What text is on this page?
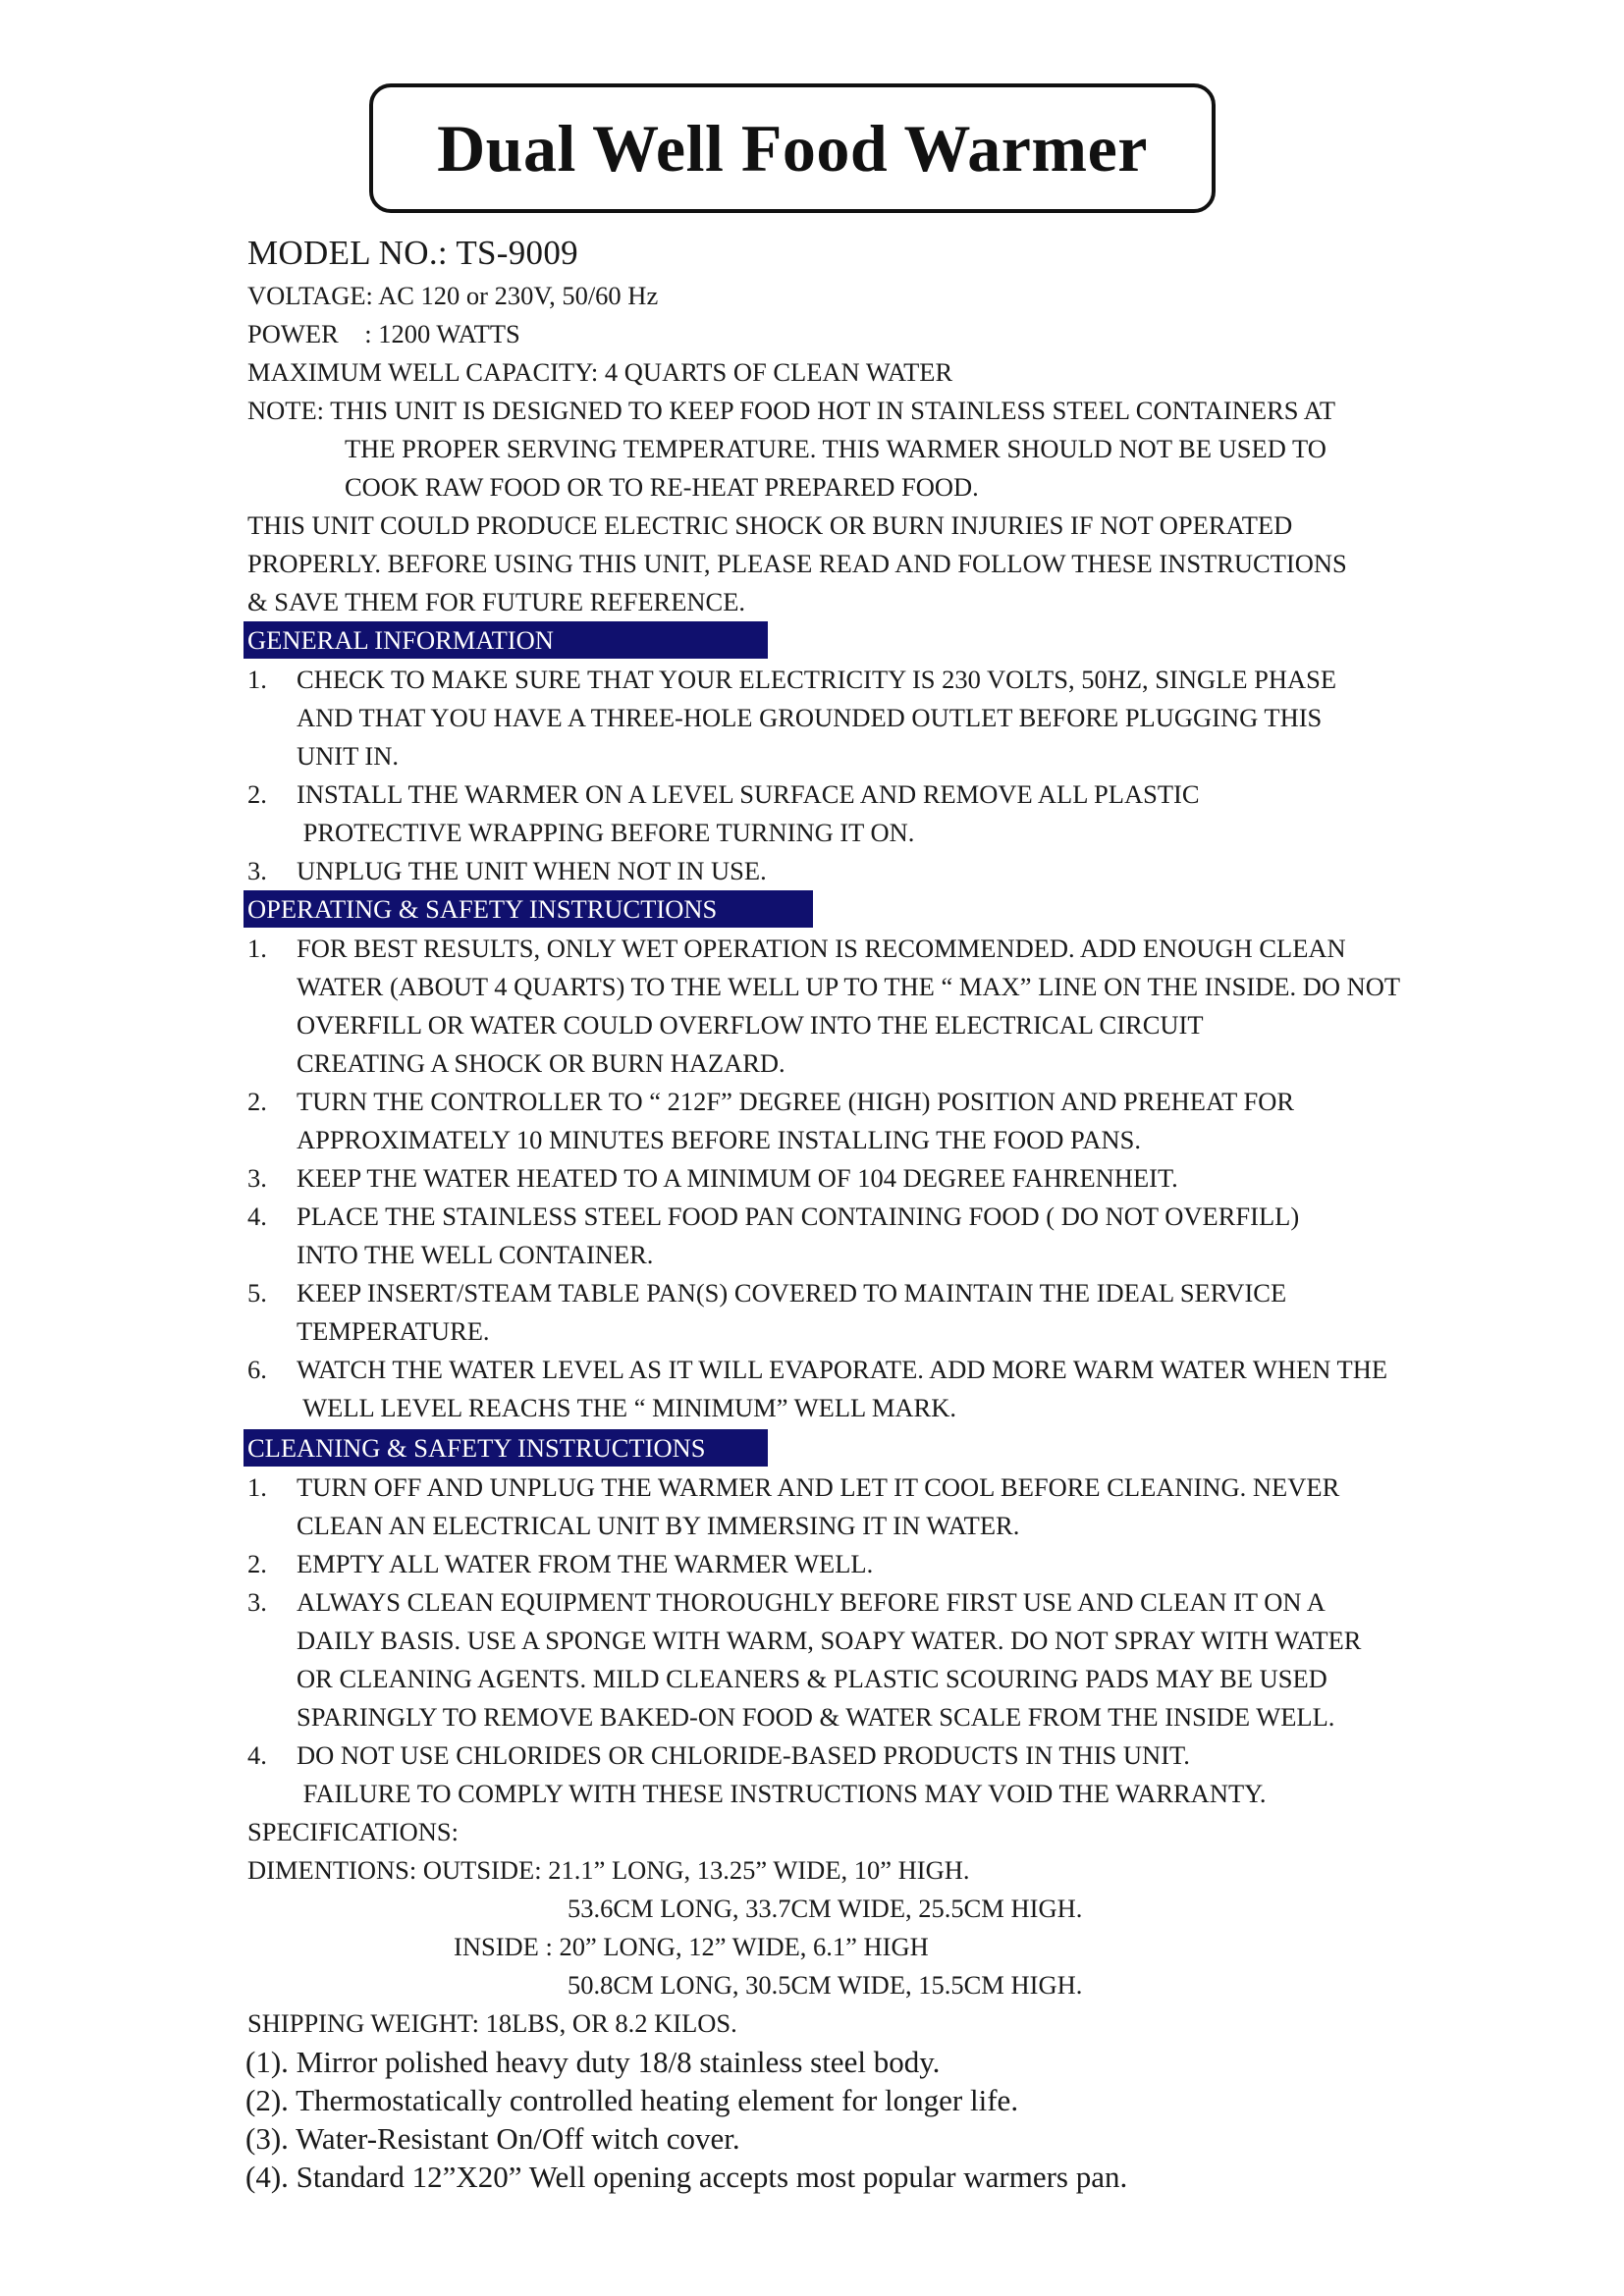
Dual Well Food Warmer
MODEL NO.: TS-9009
VOLTAGE: AC 120 or 230V, 50/60 Hz
POWER    : 1200 WATTS
MAXIMUM WELL CAPACITY: 4 QUARTS OF CLEAN WATER
NOTE: THIS UNIT IS DESIGNED TO KEEP FOOD HOT IN STAINLESS STEEL CONTAINERS AT
THE PROPER SERVING TEMPERATURE. THIS WARMER SHOULD NOT BE USED TO
COOK RAW FOOD OR TO RE-HEAT PREPARED FOOD.
THIS UNIT COULD PRODUCE ELECTRIC SHOCK OR BURN INJURIES IF NOT OPERATED
PROPERLY. BEFORE USING THIS UNIT, PLEASE READ AND FOLLOW THESE INSTRUCTIONS
& SAVE THEM FOR FUTURE REFERENCE.
GENERAL INFORMATION
1. CHECK TO MAKE SURE THAT YOUR ELECTRICITY IS 230 VOLTS, 50HZ, SINGLE PHASE
AND THAT YOU HAVE A THREE-HOLE GROUNDED OUTLET BEFORE PLUGGING THIS
UNIT IN.
2. INSTALL THE WARMER ON A LEVEL SURFACE AND REMOVE ALL PLASTIC
PROTECTIVE WRAPPING BEFORE TURNING IT ON.
3. UNPLUG THE UNIT WHEN NOT IN USE.
OPERATING & SAFETY INSTRUCTIONS
1. FOR BEST RESULTS, ONLY WET OPERATION IS RECOMMENDED. ADD ENOUGH CLEAN
WATER (ABOUT 4 QUARTS) TO THE WELL UP TO THE “ MAX” LINE ON THE INSIDE. DO NOT
OVERFILL OR WATER COULD OVERFLOW INTO THE ELECTRICAL CIRCUIT
CREATING A SHOCK OR BURN HAZARD.
2. TURN THE CONTROLLER TO “ 212F” DEGREE (HIGH) POSITION AND PREHEAT FOR
APPROXIMATELY 10 MINUTES BEFORE INSTALLING THE FOOD PANS.
3. KEEP THE WATER HEATED TO A MINIMUM OF 104 DEGREE FAHRENHEIT.
4. PLACE THE STAINLESS STEEL FOOD PAN CONTAINING FOOD ( DO NOT OVERFILL)
INTO THE WELL CONTAINER.
5. KEEP INSERT/STEAM TABLE PAN(S) COVERED TO MAINTAIN THE IDEAL SERVICE
TEMPERATURE.
6. WATCH THE WATER LEVEL AS IT WILL EVAPORATE. ADD MORE WARM WATER WHEN THE
WELL LEVEL REACHS THE “ MINIMUM” WELL MARK.
CLEANING & SAFETY INSTRUCTIONS
1. TURN OFF AND UNPLUG THE WARMER AND LET IT COOL BEFORE CLEANING. NEVER
CLEAN AN ELECTRICAL UNIT BY IMMERSING IT IN WATER.
2. EMPTY ALL WATER FROM THE WARMER WELL.
3. ALWAYS CLEAN EQUIPMENT THOROUGHLY BEFORE FIRST USE AND CLEAN IT ON A
DAILY BASIS. USE A SPONGE WITH WARM, SOAPY WATER. DO NOT SPRAY WITH WATER
OR CLEANING AGENTS. MILD CLEANERS & PLASTIC SCOURING PADS MAY BE USED
SPARINGLY TO REMOVE BAKED-ON FOOD & WATER SCALE FROM THE INSIDE WELL.
4. DO NOT USE CHLORIDES OR CHLORIDE-BASED PRODUCTS IN THIS UNIT.
FAILURE TO COMPLY WITH THESE INSTRUCTIONS MAY VOID THE WARRANTY.
SPECIFICATIONS:
DIMENTIONS: OUTSIDE: 21.1” LONG, 13.25” WIDE, 10” HIGH.
53.6CM LONG, 33.7CM WIDE, 25.5CM HIGH.
INSIDE : 20” LONG, 12” WIDE, 6.1” HIGH
50.8CM LONG, 30.5CM WIDE, 15.5CM HIGH.
SHIPPING WEIGHT: 18LBS, OR 8.2 KILOS.
(1). Mirror polished heavy duty 18/8 stainless steel body.
(2). Thermostatically controlled heating element for longer life.
(3). Water-Resistant On/Off witch cover.
(4). Standard 12”X20” Well opening accepts most popular warmers pan.
